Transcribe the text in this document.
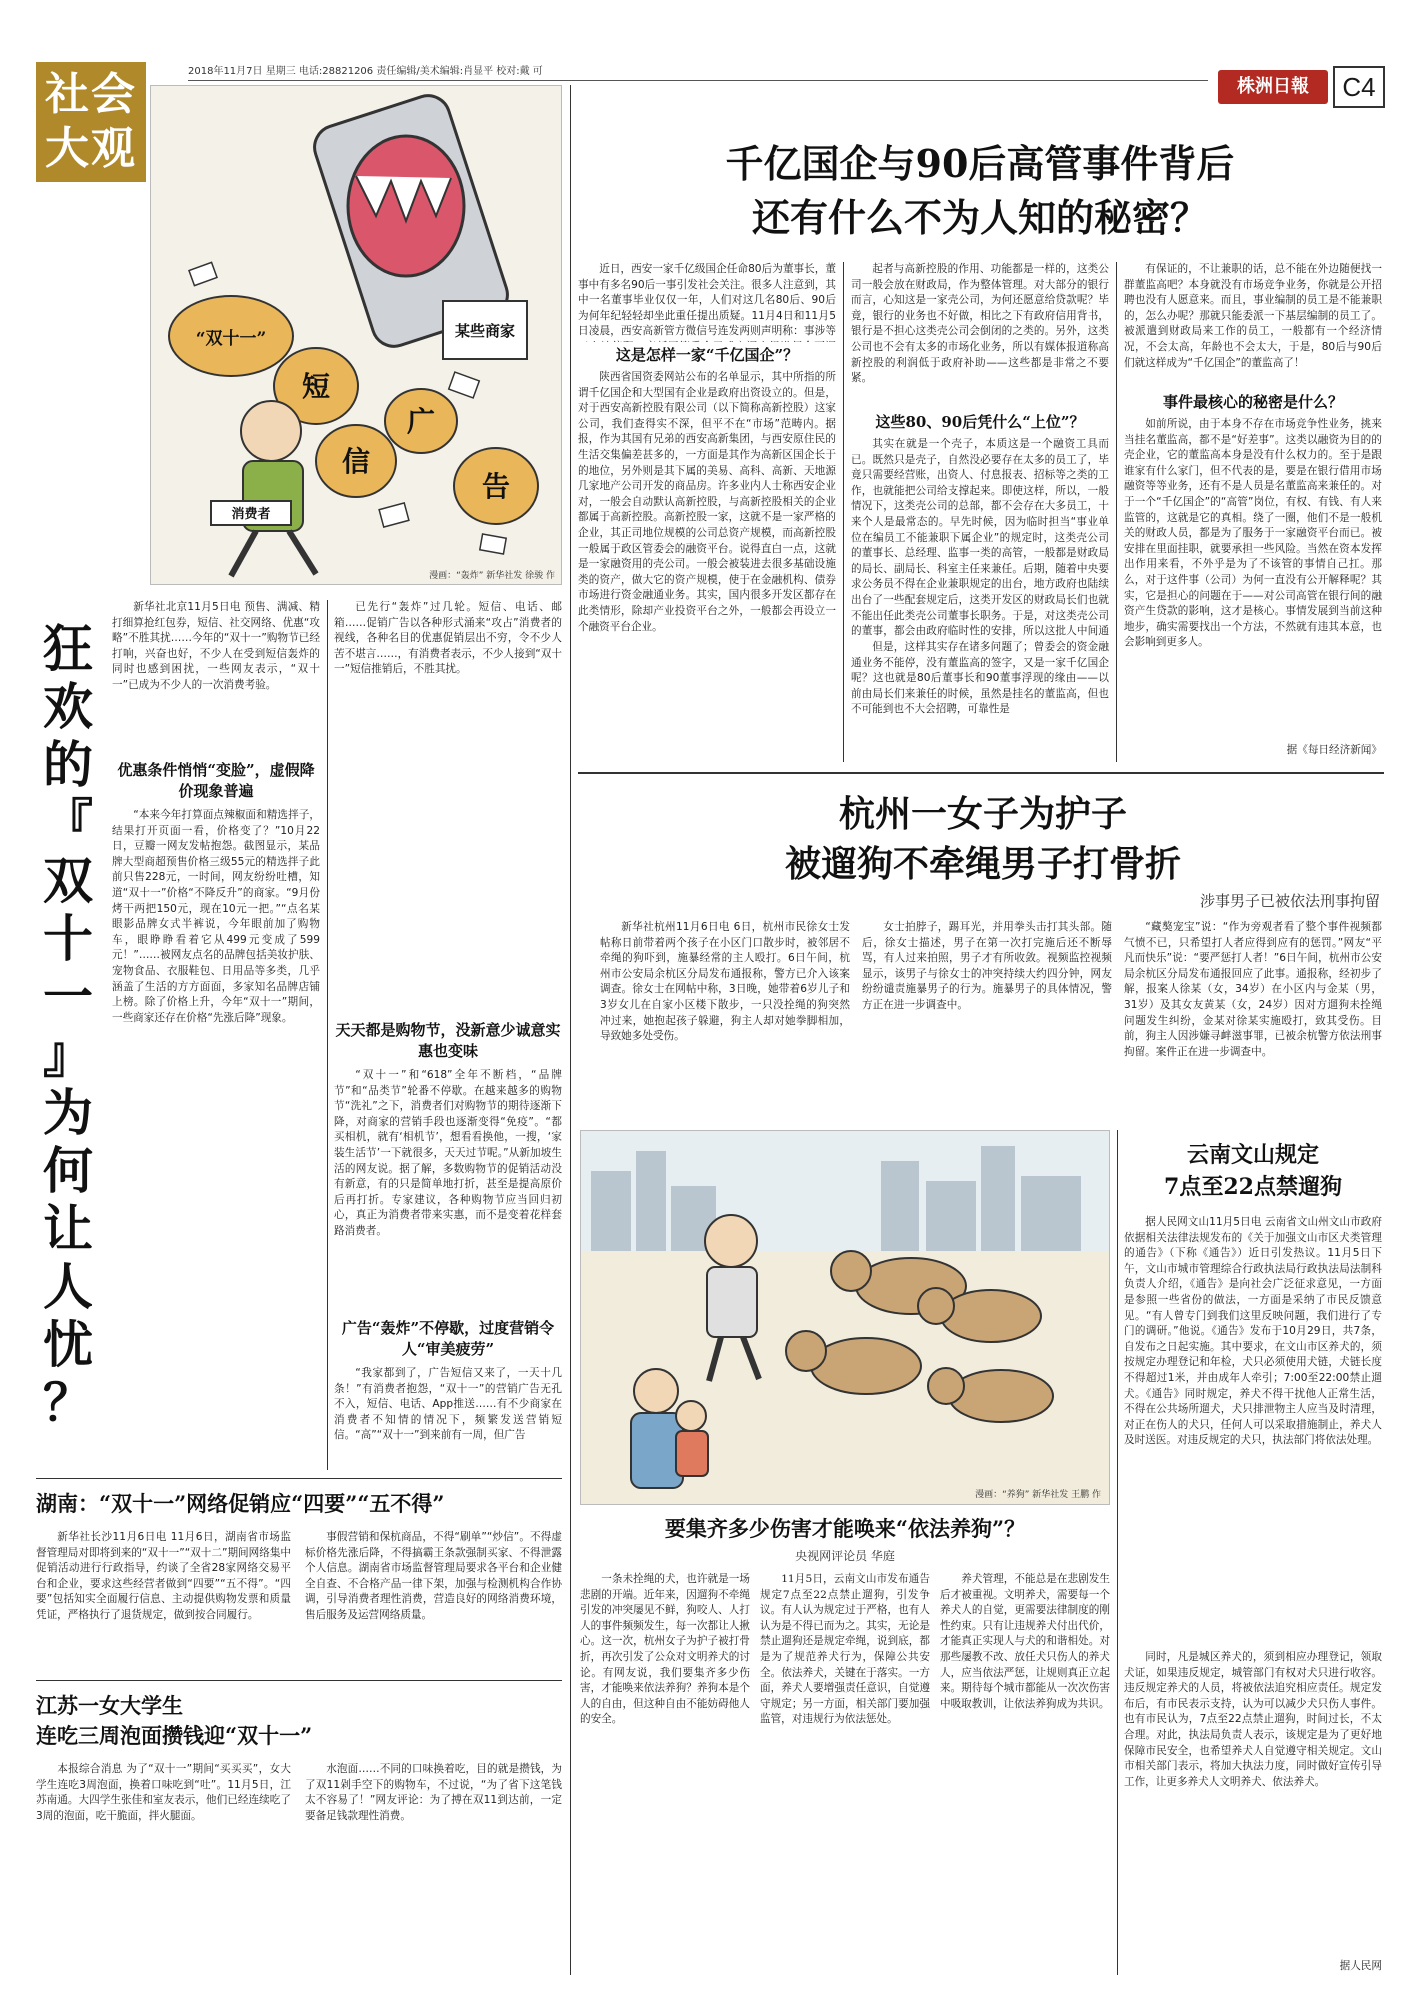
社会
大观
2018年11月7日 星期三 电话:28821206 责任编辑/美术编辑:肖显平 校对:戴 可
株洲日報	C4
某些商家
“双十一”
短
信
广
告
消费者
漫画：“轰炸” 新华社发 徐骏 作
千亿国企与90后高管事件背后
还有什么不为人知的秘密？

近日，西安一家千亿级国企任命80后为董事长，董事中有多名90后一事引发社会关注。很多人注意到，其中一名董事毕业仅仅一年，人们对这几名80后、90后为何年纪轻轻却坐此重任提出质疑。11月4日和11月5日凌晨，西安高新管方微信号连发两则声明称：事涉等

这是怎样一家“千亿国企”？

陕西省国资委网站公布的名单显示，其中所指的所谓千亿国企和大型国有企业是政府出资设立的。但是，对于西安高新控股有限公司（以下简称高新控股）这家公司，我们查得实不深，但平不在“市场”范畴内。据报，作为其国有兄弟的西安高新集团，与西安原住民的生活交集偏差甚多的，一方面是其作为高新区国企长于的地位，另外则是其下属的美易、高科、高新、天地源几家地产公司开发的商品房。许多业内人士称西安企业对，一般会自动默认高新控股，与高新控股相关的企业都属于高新控股。高新控股一家，这就不是一家严格的企业，其正司地位规模的公司总资产规模，而高新控股一般属于政区管委会的融资平台。说得直白一点，这就是一家融资用的壳公司。一般会被装进去很多基础设施类的资产，做大它的资产规模，使于在金融机构、债券市场进行资金融通业务。其实，国内很多开发区都存在此类情形，除却产业投资平台之外，一般都会再设立一个融资平台企业。

起者与高新控股的作用、功能都是一样的，这类公司一般会放在财政局，作为整体管理。对大部分的银行而言，心知这是一家壳公司，为何还愿意给贷款呢？毕竟，银行的业务也不好做，相比之下有政府信用背书，银行是不担心这类壳公司会倒闭的之类的。另外，这类公司也不会有太多的市场化业务，所以有媒体报道称高新控股的利润低于政府补助——这些都是非常之不要紧。

这些80、90后凭什么“上位”？

其实在就是一个壳子，本质这是一个融资工具而已。既然只是壳子，自然没必要存在太多的员工了，毕竟只需要经营账，出资人、付息报表、招标等之类的工作，也就能把公司给支撑起来。即使这样，所以，一般情况下，这类壳公司的总部，都不会存在大多员工，十来个人是最常态的。早先时候，因为临时担当“事业单位在编员工不能兼职下属企业”的规定时，这类壳公司的董事长、总经理、监事一类的高管，一般都是财政局的局长、副局长、科室主任来兼任。后期，随着中央要求公务员不得在企业兼职规定的出台，地方政府也陆续出台了一些配套规定后，这类开发区的财政局长们也就不能出任此类壳公司董事长职务。于是，对这类壳公司的董事，都会由政府临时性的安排，所以这批人中间通

但是，这样其实存在诸多问题了；曾委会的资金融通业务不能停，没有董监高的签字，又是一家千亿国企呢？这也就是80后董事长和90董事浮现的缘由——以前由局长们来兼任的时候，虽然是挂名的董监高，但也不可能到也不大会招聘，可靠性是

有保证的，不让兼职的话，总不能在外边随便找一群董监高吧？本身就没有市场竞争业务，你就是公开招聘也没有人愿意来。而且，事业编制的员工是不能兼职的，怎么办呢？那就只能委派一下基层编制的员工了。被派遣到财政局来工作的员工，一般都有一个经济情况，不会太高，年龄也不会太大，于是，80后与90后们就这样成为“千亿国企”的董监高了！

事件最核心的秘密是什么？

如前所说，由于本身不存在市场竞争性业务，挑来当挂名董监高，都不是“好差事”。这类以融资为目的的壳企业，它的董监高本身是没有什么权力的。至于是跟谁家有什么家门，但不代表的是，要是在银行借用市场融资等等业务，还有不是人员是名董监高来兼任的。对于一个“千亿国企”的“高管”岗位，有权、有钱、有人来监管的，这就是它的真相。绕了一圈，他们不是一般机关的财政人员，都是为了服务于一家融资平台而已。被安排在里面挂职，就要承担一些风险。当然在资本发挥出作用来看，不外乎是为了不该管的事情自己扛。那么，对于这件事（公司）为何一直没有公开解释呢？其实，它是担心的问题在于——对公司高管在银行间的融资产生贷款的影响，这才是核心。事情发展到当前这种地步，确实需要找出一个方法，不然就有违其本意，也会影响到更多人。

据《每日经济新闻》
狂
欢
的
『
双
十
一
』
为
何
让
人
忧
？

新华社北京11月5日电 预售、满减、精打细算抢红包券，短信、社交网络、优惠“攻略”不胜其扰……今年的“双十一”购物节已经打响，兴奋也好，不少人在受到短信轰炸的同时也感到困扰，一些网友表示，“双十一”已成为不少人的一次消费考验。

优惠条件悄悄“变脸”，虚假降价现象普遍

“本来今年打算面点辣椒面和精选拌子，结果打开页面一看，价格变了？”10月22日，豆瓣一网友发帖抱怨。截图显示，某品牌大型商超预售价格三级55元的精选拌子此前只售228元，一时间，网友纷纷吐槽，知道“双十一”价格“不降反升”的商家。“9月份烤干两把150元，现在10元一把。”“点名某眼影品牌女式半裤说，今年眼前加了购物车，眼睁睁看着它从499元变成了599元！”……被网友点名的品牌包括美妆护肤、宠物食品、衣服鞋包、日用品等多类，几乎涵盖了生活的方方面面，多家知名品牌店铺上榜。除了价格上升，今年“双十一”期间，一些商家还存在价格“先涨后降”现象。

已先行“轰炸”过几轮。短信、电话、邮箱……促销广告以各种形式涌来“攻占”消费者的视线，各种名目的优惠促销层出不穷，令不少人苦不堪言……，有消费者表示，不少人接到“双十一”短信推销后，不胜其扰。

天天都是购物节，没新意少诚意实惠也变味

“双十一”和“618”全年不断档，“品牌节”和“品类节”轮番不停歇。在越来越多的购物节“洗礼”之下，消费者们对购物节的期待逐渐下降，对商家的营销手段也逐渐变得“免疫”。“都买相机，就有‘相机节’，想看看换他，一搜，‘家装生活节’一下就很多，天天过节呢。”从新加坡生活的网友说。据了解，多数购物节的促销活动没有新意，有的只是简单地打折，甚至是提高原价后再打折。专家建议，各种购物节应当回归初心，真正为消费者带来实惠，而不是变着花样套路消费者。

广告“轰炸”不停歇，过度营销令人“审美疲劳”

“我家都到了，广告短信又来了，一天十几条！”有消费者抱怨，“双十一”的营销广告无孔不入，短信、电话、App推送……有不少商家在消费者不知情的情况下，频繁发送营销短信。“高”“双十一”到来前有一周，但广告

湖南：“双十一”网络促销应“四要”“五不得”

新华社长沙11月6日电 11月6日，湖南省市场监督管理局对即将到来的“双十一”“双十二”期间网络集中促销活动进行行政指导，约谈了全省28家网络交易平台和企业，要求这些经营者做到“四要”“五不得”。“四要”包括知实全面履行信息、主动提供购物发票和质量凭证，严格执行了退货规定，做到按合同履行。

事假营销和保杭商品，不得“刷单”“炒信”。不得虚标价格先涨后降，不得搞霸王条款强制买家、不得泄露个人信息。湖南省市场监督管理局要求各平台和企业健全自查、不合格产品一律下架，加强与检测机构合作协调，引导消费者理性消费，营造良好的网络消费环境，售后服务及运营网络质量。

江苏一女大学生
连吃三周泡面攒钱迎“双十一”

本报综合消息 为了“双十一”期间“买买买”，女大学生连吃3周泡面，换着口味吃到“吐”。11月5日，江苏南通。大四学生张佳和室友表示，他们已经连续吃了3周的泡面，吃干脆面，拌火腿面。

水泡面……不同的口味换着吃，目的就是攒钱，为了双11剁手空下的购物车，不过说，“为了省下这笔钱太不容易了！”网友评论：为了搏在双11到达前，一定要备足钱款理性消费。

杭州一女子为护子
被遛狗不牵绳男子打骨折
涉事男子已被依法刑事拘留

新华社杭州11月6日电 6日，杭州市民徐女士发帖称日前带着两个孩子在小区门口散步时，被邻居不牵绳的狗吓到，施暴经常的主人殴打。6日午间，杭州市公安局余杭区分局发布通报称，警方已介入该案调查。徐女士在网帖中称，3日晚，她带着6岁儿子和3岁女儿在自家小区楼下散步，一只没拴绳的狗突然冲过来，她抱起孩子躲避，狗主人却对她拳脚相加，导致她多处受伤。

女士拍脖子，踢耳光，并用拳头击打其头部。随后，徐女士描述，男子在第一次打完施后还不断辱骂，有人过来拍照，男子才有所收敛。视频监控视频显示，该男子与徐女士的冲突持续大约四分钟，网友纷纷谴责施暴男子的行为。施暴男子的具体情况，警方正在进一步调查中。

“藏獒宠宝”说：“作为旁观者看了整个事件视频都气愤不已，只希望打人者应得到应有的惩罚。”网友“平凡而快乐”说：“要严惩打人者！”6日午间，杭州市公安局余杭区分局发布通报回应了此事。通报称，经初步了解，报案人徐某（女，34岁）在小区内与金某（男，31岁）及其女友黄某（女，24岁）因对方遛狗未拴绳问题发生纠纷，金某对徐某实施殴打，致其受伤。目前，狗主人因涉嫌寻衅滋事罪，已被余杭警方依法刑事拘留。案件正在进一步调查中。

漫画：“养狗” 新华社发 王鹏 作
要集齐多少伤害才能唤来“依法养狗”？
央视网评论员 华庭

一条未拴绳的犬，也许就是一场悲剧的开端。近年来，因遛狗不牵绳引发的冲突屡见不鲜，狗咬人、人打人的事件频频发生，每一次都让人揪心。这一次，杭州女子为护子被打骨折，再次引发了公众对文明养犬的讨论。有网友说，我们要集齐多少伤害，才能唤来依法养狗？养狗本是个人的自由，但这种自由不能妨碍他人的安全。

11月5日，云南文山市发布通告规定7点至22点禁止遛狗，引发争议。有人认为规定过于严格，也有人认为是不得已而为之。其实，无论是禁止遛狗还是规定牵绳，说到底，都是为了规范养犬行为，保障公共安全。依法养犬，关键在于落实。一方面，养犬人要增强责任意识，自觉遵守规定；另一方面，相关部门要加强监管，对违规行为依法惩处。

养犬管理，不能总是在悲剧发生后才被重视。文明养犬，需要每一个养犬人的自觉，更需要法律制度的刚性约束。只有让违规养犬付出代价，才能真正实现人与犬的和谐相处。对那些屡教不改、放任犬只伤人的养犬人，应当依法严惩，让规则真正立起来。期待每个城市都能从一次次伤害中吸取教训，让依法养狗成为共识。

云南文山规定
7点至22点禁遛狗

据人民网文山11月5日电 云南省文山州文山市政府依据相关法律法规发布的《关于加强文山市区犬类管理的通告》（下称《通告》）近日引发热议。11月5日下午，文山市城市管理综合行政执法局行政执法局法制科负责人介绍，《通告》是向社会广泛征求意见，一方面是参照一些省份的做法，一方面是采纳了市民反馈意见。“有人曾专门到我们这里反映问题，我们进行了专门的调研。”他说。《通告》发布于10月29日，共7条，自发布之日起实施。其中要求，在文山市区养犬的，须按规定办理登记和年检，犬只必须使用犬链，犬链长度不得超过1米，并由成年人牵引；7:00至22:00禁止遛犬。《通告》同时规定，养犬不得干扰他人正常生活，不得在公共场所遛犬，犬只排泄物主人应当及时清理，对正在伤人的犬只，任何人可以采取措施制止，养犬人及时送医。对违反规定的犬只，执法部门将依法处理。

同时，凡是城区养犬的，须到相应办理登记，领取犬证，如果违反规定，城管部门有权对犬只进行收容。违反规定养犬的人员，将被依法追究相应责任。规定发布后，有市民表示支持，认为可以减少犬只伤人事件。也有市民认为，7点至22点禁止遛狗，时间过长，不太合理。对此，执法局负责人表示，该规定是为了更好地保障市民安全，也希望养犬人自觉遵守相关规定。文山市相关部门表示，将加大执法力度，同时做好宣传引导工作，让更多养犬人文明养犬、依法养犬。

据人民网
